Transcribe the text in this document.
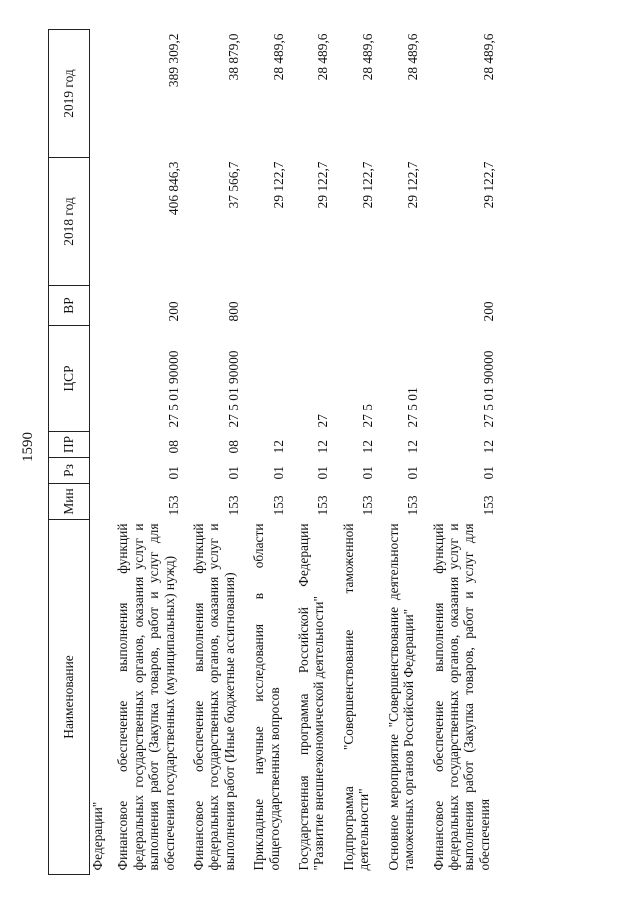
1590
Наименование	Мин	Рз	ПР	ЦСР	ВР	2018 год	2019 год
Федерации"							
Финансовое обеспечение выполнения функций федеральных государственных органов, оказания услуг и выполнения работ (Закупка товаров, работ и услуг для обеспечения государственных (муниципальных) нужд)	153	01	08	27 5 01 90000	200	406 846,3	389 309,2
Финансовое обеспечение выполнения функций федеральных государственных органов, оказания услуг и выполнения работ (Иные бюджетные ассигнования)	153	01	08	27 5 01 90000	800	37 566,7	38 879,0
Прикладные научные исследования в области общегосударственных вопросов	153	01	12			29 122,7	28 489,6
Государственная программа Российской Федерации "Развитие внешнеэкономической деятельности"	153	01	12	27		29 122,7	28 489,6
Подпрограмма "Совершенствование таможенной деятельности"	153	01	12	27 5		29 122,7	28 489,6
Основное мероприятие "Совершенствование деятельности таможенных органов Российской Федерации"	153	01	12	27 5 01		29 122,7	28 489,6
Финансовое обеспечение выполнения функций федеральных государственных органов, оказания услуг и выполнения работ (Закупка товаров, работ и услуг для обеспечения	153	01	12	27 5 01 90000	200	29 122,7	28 489,6
